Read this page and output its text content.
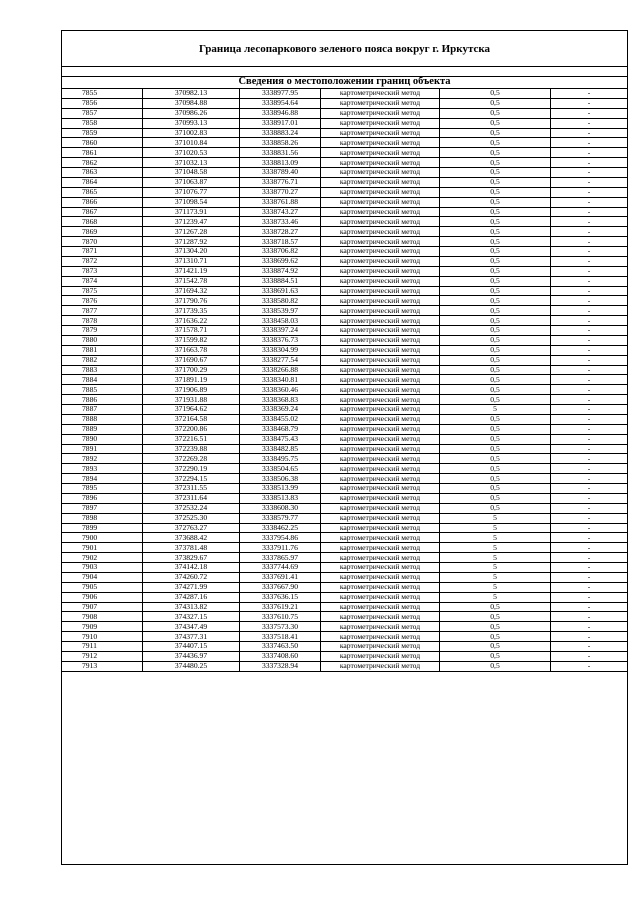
Граница лесопаркового зеленого пояса вокруг г. Иркутска
Сведения о местоположении границ объекта
7855	370982.13	3338977.95	картометрический метод	0,5	-
7856	370984.88	3338954.64	картометрический метод	0,5	-
7857	370986.26	3338946.88	картометрический метод	0,5	-
7858	370993.13	3338917.01	картометрический метод	0,5	-
7859	371002.83	3338883.24	картометрический метод	0,5	-
7860	371010.84	3338858.26	картометрический метод	0,5	-
7861	371020.53	3338831.56	картометрический метод	0,5	-
7862	371032.13	3338813.09	картометрический метод	0,5	-
7863	371048.58	3338789.40	картометрический метод	0,5	-
7864	371063.87	3338776.71	картометрический метод	0,5	-
7865	371076.77	3338770.27	картометрический метод	0,5	-
7866	371098.54	3338761.88	картометрический метод	0,5	-
7867	371173.91	3338743.27	картометрический метод	0,5	-
7868	371239.47	3338733.46	картометрический метод	0,5	-
7869	371267.28	3338728.27	картометрический метод	0,5	-
7870	371287.92	3338718.57	картометрический метод	0,5	-
7871	371304.20	3338706.82	картометрический метод	0,5	-
7872	371310.71	3338699.62	картометрический метод	0,5	-
7873	371421.19	3338874.92	картометрический метод	0,5	-
7874	371542.78	3338884.51	картометрический метод	0,5	-
7875	371694.32	3338691.63	картометрический метод	0,5	-
7876	371790.76	3338580.82	картометрический метод	0,5	-
7877	371739.35	3338539.97	картометрический метод	0,5	-
7878	371636.22	3338458.03	картометрический метод	0,5	-
7879	371578.71	3338397.24	картометрический метод	0,5	-
7880	371599.82	3338376.73	картометрический метод	0,5	-
7881	371663.78	3338304.99	картометрический метод	0,5	-
7882	371690.67	3338277.54	картометрический метод	0,5	-
7883	371700.29	3338266.88	картометрический метод	0,5	-
7884	371891.19	3338340.81	картометрический метод	0,5	-
7885	371906.89	3338360.46	картометрический метод	0,5	-
7886	371931.88	3338368.83	картометрический метод	0,5	-
7887	371964.62	3338369.24	картометрический метод	5	-
7888	372164.58	3338455.02	картометрический метод	0,5	-
7889	372200.86	3338468.79	картометрический метод	0,5	-
7890	372216.51	3338475.43	картометрический метод	0,5	-
7891	372239.88	3338482.85	картометрический метод	0,5	-
7892	372269.28	3338495.75	картометрический метод	0,5	-
7893	372290.19	3338504.65	картометрический метод	0,5	-
7894	372294.15	3338506.38	картометрический метод	0,5	-
7895	372311.55	3338513.99	картометрический метод	0,5	-
7896	372311.64	3338513.83	картометрический метод	0,5	-
7897	372532.24	3338608.30	картометрический метод	0,5	-
7898	372525.30	3338579.77	картометрический метод	5	-
7899	372763.27	3338462.25	картометрический метод	5	-
7900	373688.42	3337954.86	картометрический метод	5	-
7901	373781.48	3337911.76	картометрический метод	5	-
7902	373829.67	3337865.97	картометрический метод	5	-
7903	374142.18	3337744.69	картометрический метод	5	-
7904	374260.72	3337691.41	картометрический метод	5	-
7905	374271.99	3337667.90	картометрический метод	5	-
7906	374287.16	3337636.15	картометрический метод	5	-
7907	374313.82	3337619.21	картометрический метод	0,5	-
7908	374327.15	3337610.75	картометрический метод	0,5	-
7909	374347.49	3337573.30	картометрический метод	0,5	-
7910	374377.31	3337518.41	картометрический метод	0,5	-
7911	374407.15	3337463.50	картометрический метод	0,5	-
7912	374436.97	3337408.60	картометрический метод	0,5	-
7913	374480.25	3337328.94	картометрический метод	0,5	-
